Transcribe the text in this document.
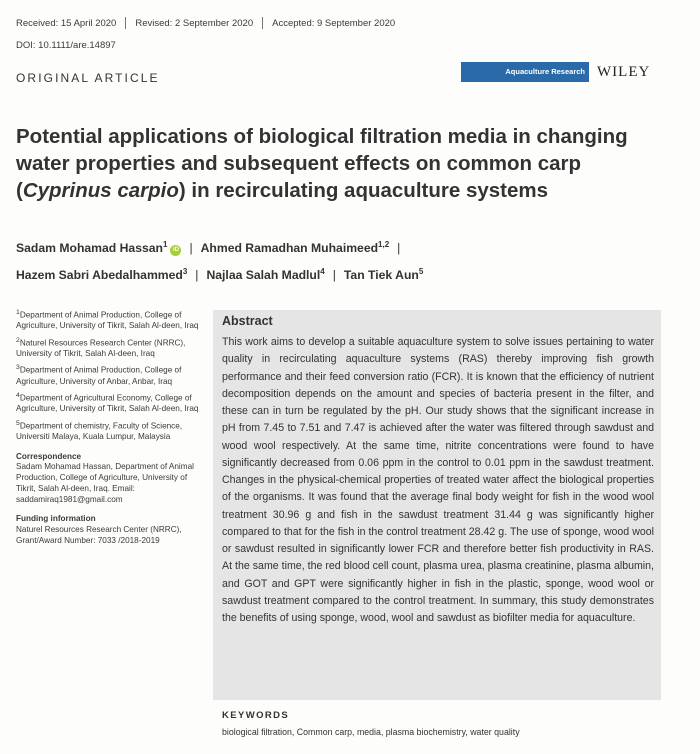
Received: 15 April 2020 Revised: 2 September 2020 Accepted: 9 September 2020
DOI: 10.1111/are.14897
ORIGINAL ARTICLE	Aquaculture Research WILEY
Potential applications of biological filtration media in changing water properties and subsequent effects on common carp (Cyprinus carpio) in recirculating aquaculture systems
Sadam Mohamad Hassan$^1$iD | Ahmed Ramadhan Muhaimeed$^{1,2}$ |
Hazem Sabri Abedalhammed$^3$ | Najlaa Salah Madlul$^4$ | Tan Tiek Aun$^5$
$^1$Department of Animal Production, College of Agriculture, University of Tikrit, Salah Al-deen, Iraq
$^2$Naturel Resources Research Center (NRRC), University of Tikrit, Salah Al-deen, Iraq
$^3$Department of Animal Production, College of Agriculture, University of Anbar, Anbar, Iraq
$^4$Department of Agricultural Economy, College of Agriculture, University of Tikrit, Salah Al-deen, Iraq
$^5$Department of chemistry, Faculty of Science, Universiti Malaya, Kuala Lumpur, Malaysia
Correspondence
Sadam Mohamad Hassan, Department of Animal Production, College of Agriculture, University of Tikrit, Salah Al-deen, Iraq. Email: saddamiraq1981@gmail.com
Funding information
Naturel Resources Research Center (NRRC), Grant/Award Number: 7033 /2018-2019
Abstract
This work aims to develop a suitable aquaculture system to solve issues pertaining to water quality in recirculating aquaculture systems (RAS) thereby improving fish growth performance and their feed conversion ratio (FCR). It is known that the efficiency of nutrient decomposition depends on the amount and species of bacteria present in the filter, and these can in turn be regulated by the pH. Our study shows that the significant increase in pH from 7.45 to 7.51 and 7.47 is achieved after the water was filtered through sawdust and wood wool respectively. At the same time, nitrite concentrations were found to have significantly decreased from 0.06 ppm in the control to 0.01 ppm in the sawdust treatment. Changes in the physical-chemical properties of treated water affect the biological properties of the organisms. It was found that the average final body weight for fish in the wood wool treatment 30.96 g and fish in the sawdust treatment 31.44 g was significantly higher compared to that for the fish in the control treatment 28.42 g. The use of sponge, wood wool or sawdust resulted in significantly lower FCR and therefore better fish productivity in RAS. At the same time, the red blood cell count, plasma urea, plasma creatinine, plasma albumin, and GOT and GPT were significantly higher in fish in the plastic, sponge, wood wool or sawdust treatment compared to the control treatment. In summary, this study demonstrates the benefits of using sponge, wood, wool and sawdust as biofilter media for aquaculture.
KEYWORDS
biological filtration, Common carp, media, plasma biochemistry, water quality
